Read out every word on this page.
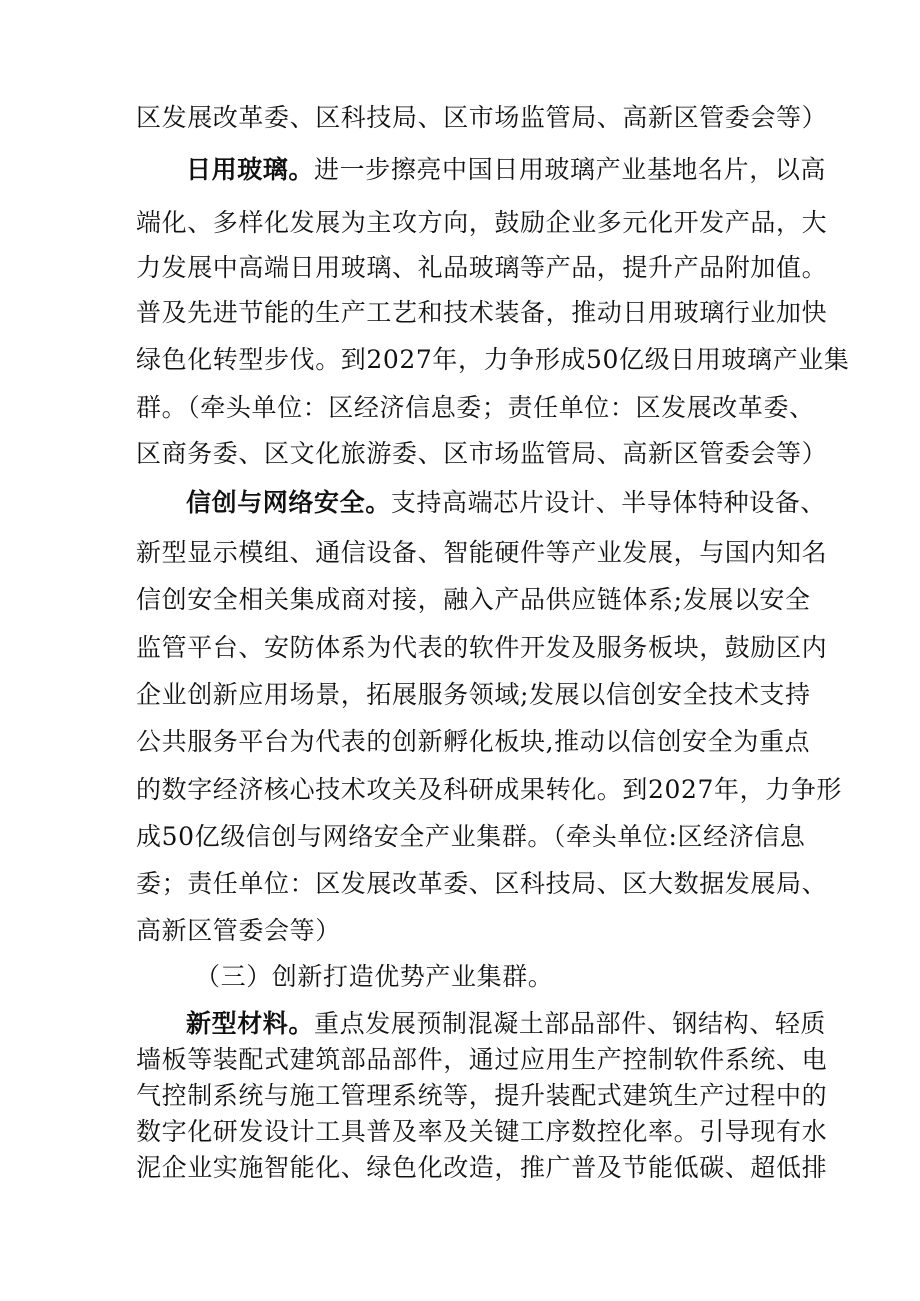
区发展改革委、区科技局、区市场监管局、高新区管委会等）
日用玻璃。进一步擦亮中国日用玻璃产业基地名片，以高
端化、多样化发展为主攻方向，鼓励企业多元化开发产品，大
力发展中高端日用玻璃、礼品玻璃等产品，提升产品附加值。
普及先进节能的生产工艺和技术装备，推动日用玻璃行业加快
绿色化转型步伐。到2027年，力争形成50亿级日用玻璃产业集
群。（牵头单位：区经济信息委；责任单位：区发展改革委、
区商务委、区文化旅游委、区市场监管局、高新区管委会等）
信创与网络安全。支持高端芯片设计、半导体特种设备、
新型显示模组、通信设备、智能硬件等产业发展，与国内知名
信创安全相关集成商对接，融入产品供应链体系;发展以安全
监管平台、安防体系为代表的软件开发及服务板块，鼓励区内
企业创新应用场景，拓展服务领域;发展以信创安全技术支持
公共服务平台为代表的创新孵化板块,推动以信创安全为重点
的数字经济核心技术攻关及科研成果转化。到2027年，力争形
成50亿级信创与网络安全产业集群。（牵头单位:区经济信息
委；责任单位：区发展改革委、区科技局、区大数据发展局、
高新区管委会等）
（三）创新打造优势产业集群。
新型材料。重点发展预制混凝土部品部件、钢结构、轻质
墙板等装配式建筑部品部件，通过应用生产控制软件系统、电
气控制系统与施工管理系统等，提升装配式建筑生产过程中的
数字化研发设计工具普及率及关键工序数控化率。引导现有水
泥企业实施智能化、绿色化改造，推广普及节能低碳、超低排
